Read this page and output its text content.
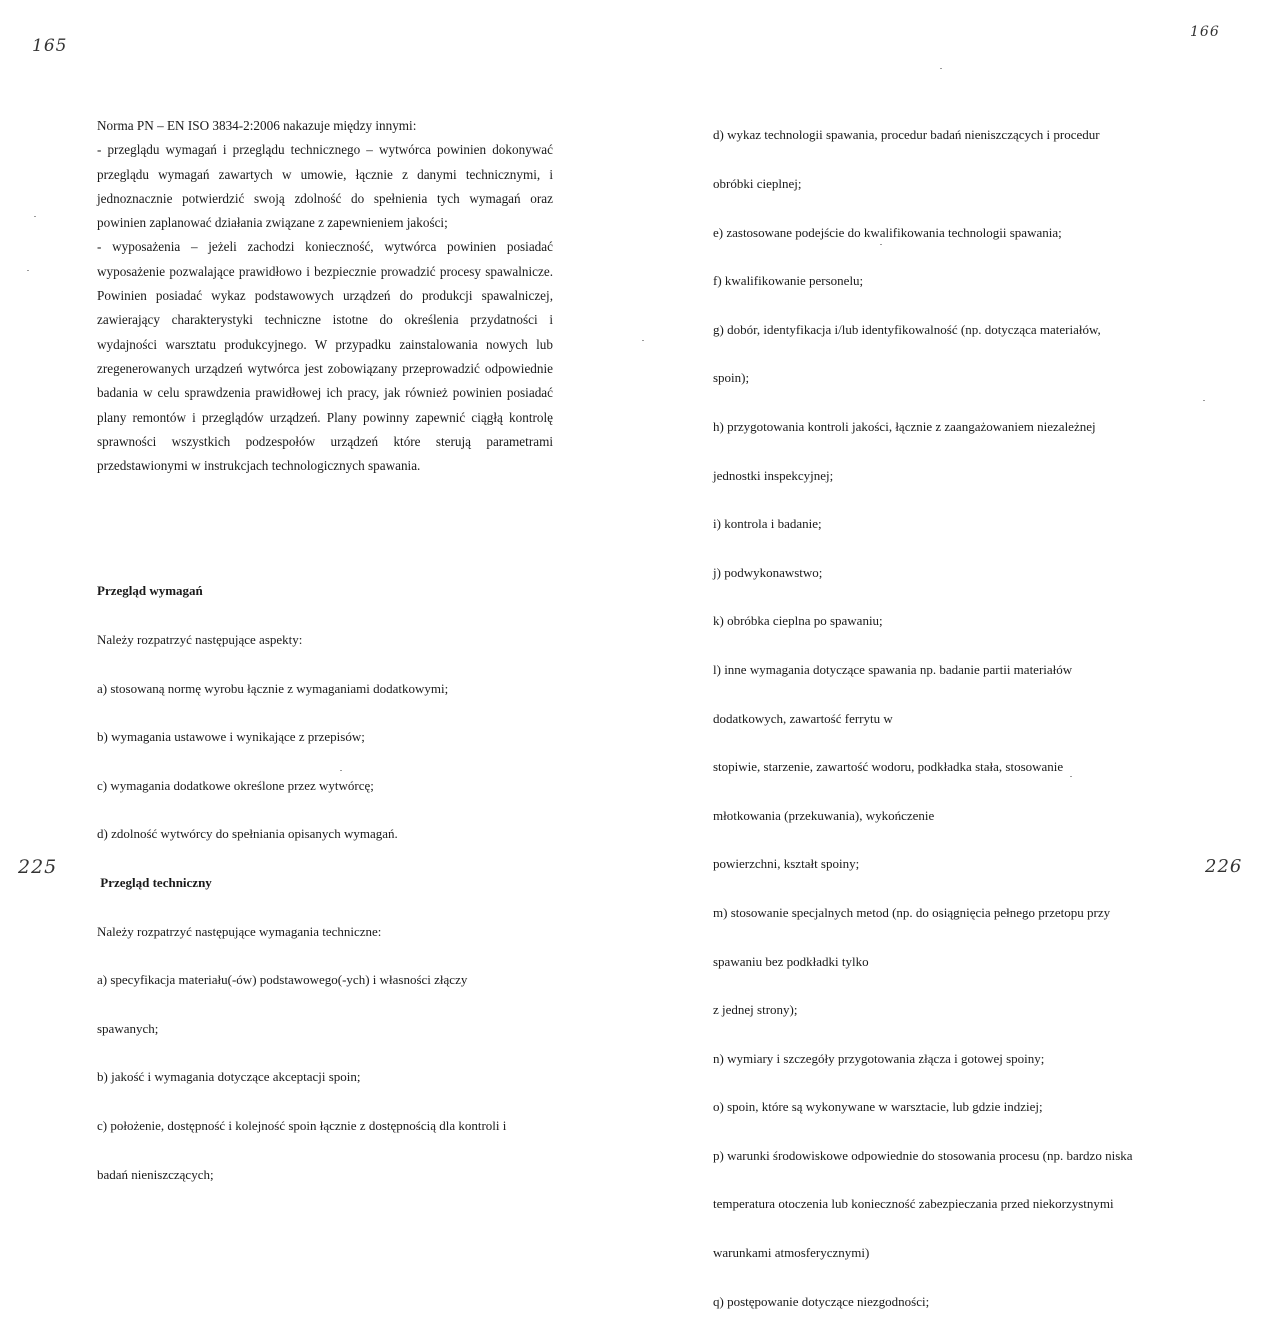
165
166
225	226

Norma PN – EN ISO 3834-2:2006 nakazuje między innymi:

- przeglądu wymagań i przeglądu technicznego – wytwórca powinien dokonywać przeglądu wymagań zawartych w umowie, łącznie z danymi technicznymi, i jednoznacznie potwierdzić swoją zdolność do spełnienia tych wymagań oraz powinien zaplanować działania związane z zapewnieniem jakości;

- wyposażenia – jeżeli zachodzi konieczność, wytwórca powinien posiadać wyposażenie pozwalające prawidłowo i bezpiecznie prowadzić procesy spawalnicze. Powinien posiadać wykaz podstawowych urządzeń do produkcji spawalniczej, zawierający charakterystyki techniczne istotne do określenia przydatności i wydajności warsztatu produkcyjnego. W przypadku zainstalowania nowych lub zregenerowanych urządzeń wytwórca jest zobowiązany przeprowadzić odpowiednie badania w celu sprawdzenia prawidłowej ich pracy, jak również powinien posiadać plany remontów i przeglądów urządzeń. Plany powinny zapewnić ciągłą kontrolę sprawności wszystkich podzespołów urządzeń które sterują parametrami przedstawionymi w instrukcjach technologicznych spawania.

Przegląd wymagań

Należy rozpatrzyć następujące aspekty:

a) stosowaną normę wyrobu łącznie z wymaganiami dodatkowymi;

b) wymagania ustawowe i wynikające z przepisów;

c) wymagania dodatkowe określone przez wytwórcę;

d) zdolność wytwórcy do spełniania opisanych wymagań.

Przegląd techniczny

Należy rozpatrzyć następujące wymagania techniczne:

a) specyfikacja materiału(-ów) podstawowego(-ych) i własności złączy

spawanych;

b) jakość i wymagania dotyczące akceptacji spoin;

c) położenie, dostępność i kolejność spoin łącznie z dostępnością dla kontroli i

badań nieniszczących;

d) wykaz technologii spawania, procedur badań nieniszczących i procedur

obróbki cieplnej;

e) zastosowane podejście do kwalifikowania technologii spawania;

f) kwalifikowanie personelu;

g) dobór, identyfikacja i/lub identyfikowalność (np. dotycząca materiałów,

spoin);

h) przygotowania kontroli jakości, łącznie z zaangażowaniem niezależnej

jednostki inspekcyjnej;

i) kontrola i badanie;

j) podwykonawstwo;

k) obróbka cieplna po spawaniu;

l) inne wymagania dotyczące spawania np. badanie partii materiałów

dodatkowych, zawartość ferrytu w

stopiwie, starzenie, zawartość wodoru, podkładka stała, stosowanie

młotkowania (przekuwania), wykończenie

powierzchni, kształt spoiny;

m) stosowanie specjalnych metod (np. do osiągnięcia pełnego przetopu przy

spawaniu bez podkładki tylko

z jednej strony);

n) wymiary i szczegóły przygotowania złącza i gotowej spoiny;

o) spoin, które są wykonywane w warsztacie, lub gdzie indziej;

p) warunki środowiskowe odpowiednie do stosowania procesu (np. bardzo niska

temperatura otoczenia lub konieczność zabezpieczania przed niekorzystnymi

warunkami atmosferycznymi)

q) postępowanie dotyczące niezgodności;
